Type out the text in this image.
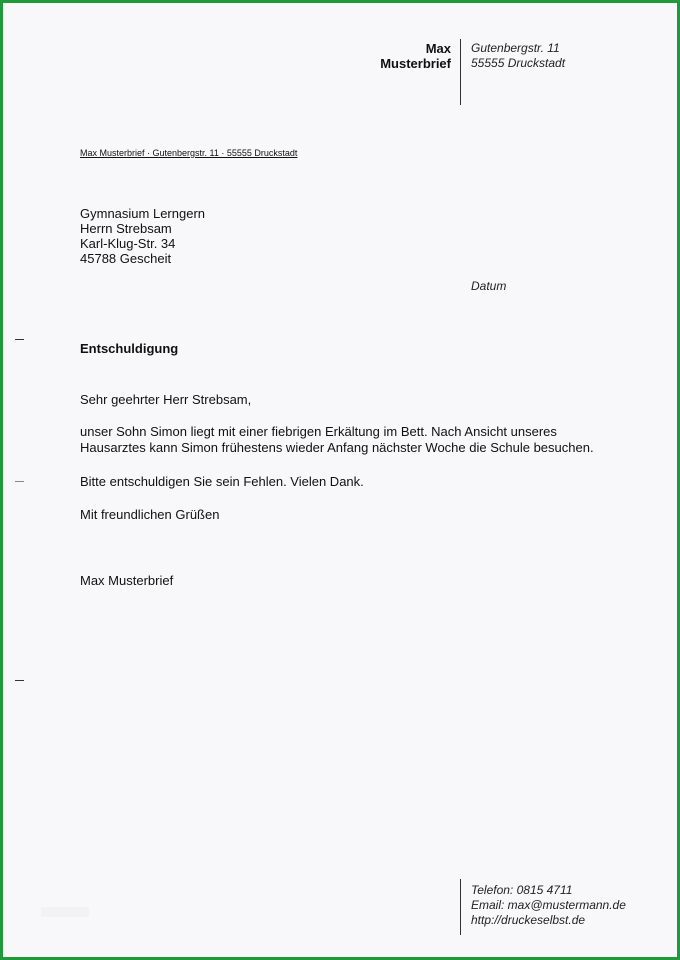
Max
Musterbrief
Gutenbergstr. 11
55555 Druckstadt
Max Musterbrief · Gutenbergstr. 11 · 55555 Druckstadt
Gymnasium Lerngern
Herrn Strebsam
Karl-Klug-Str. 34
45788 Gescheit
Datum
Entschuldigung
Sehr geehrter Herr Strebsam,
unser Sohn Simon liegt mit einer fiebrigen Erkältung im Bett. Nach Ansicht unseres
Hausarztes kann Simon frühestens wieder Anfang nächster Woche die Schule besuchen.
Bitte entschuldigen Sie sein Fehlen. Vielen Dank.
Mit freundlichen Grüßen
Max Musterbrief
Telefon: 0815 4711
Email: max@mustermann.de
http://druckeselbst.de
